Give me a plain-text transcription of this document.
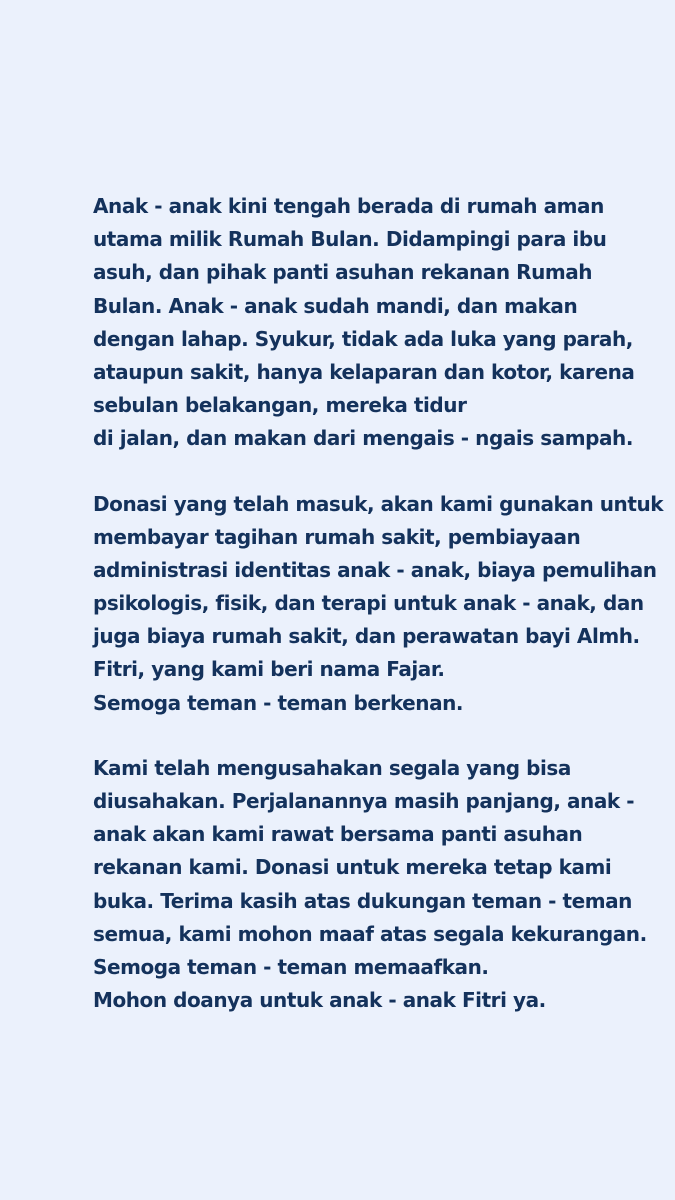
Anak - anak kini tengah berada di rumah aman
utama milik Rumah Bulan. Didampingi para ibu
asuh, dan pihak panti asuhan rekanan Rumah
Bulan. Anak - anak sudah mandi, dan makan
dengan lahap. Syukur, tidak ada luka yang parah,
ataupun sakit, hanya kelaparan dan kotor, karena
sebulan belakangan, mereka tidur
di jalan, dan makan dari mengais - ngais sampah.
Donasi yang telah masuk, akan kami gunakan untuk
membayar tagihan rumah sakit, pembiayaan
administrasi identitas anak - anak, biaya pemulihan
psikologis, fisik, dan terapi untuk anak - anak, dan
juga biaya rumah sakit, dan perawatan bayi Almh.
Fitri, yang kami beri nama Fajar.
Semoga teman - teman berkenan.
Kami telah mengusahakan segala yang bisa
diusahakan. Perjalanannya masih panjang, anak -
anak akan kami rawat bersama panti asuhan
rekanan kami. Donasi untuk mereka tetap kami
buka. Terima kasih atas dukungan teman - teman
semua, kami mohon maaf atas segala kekurangan.
Semoga teman - teman memaafkan.
Mohon doanya untuk anak - anak Fitri ya.
